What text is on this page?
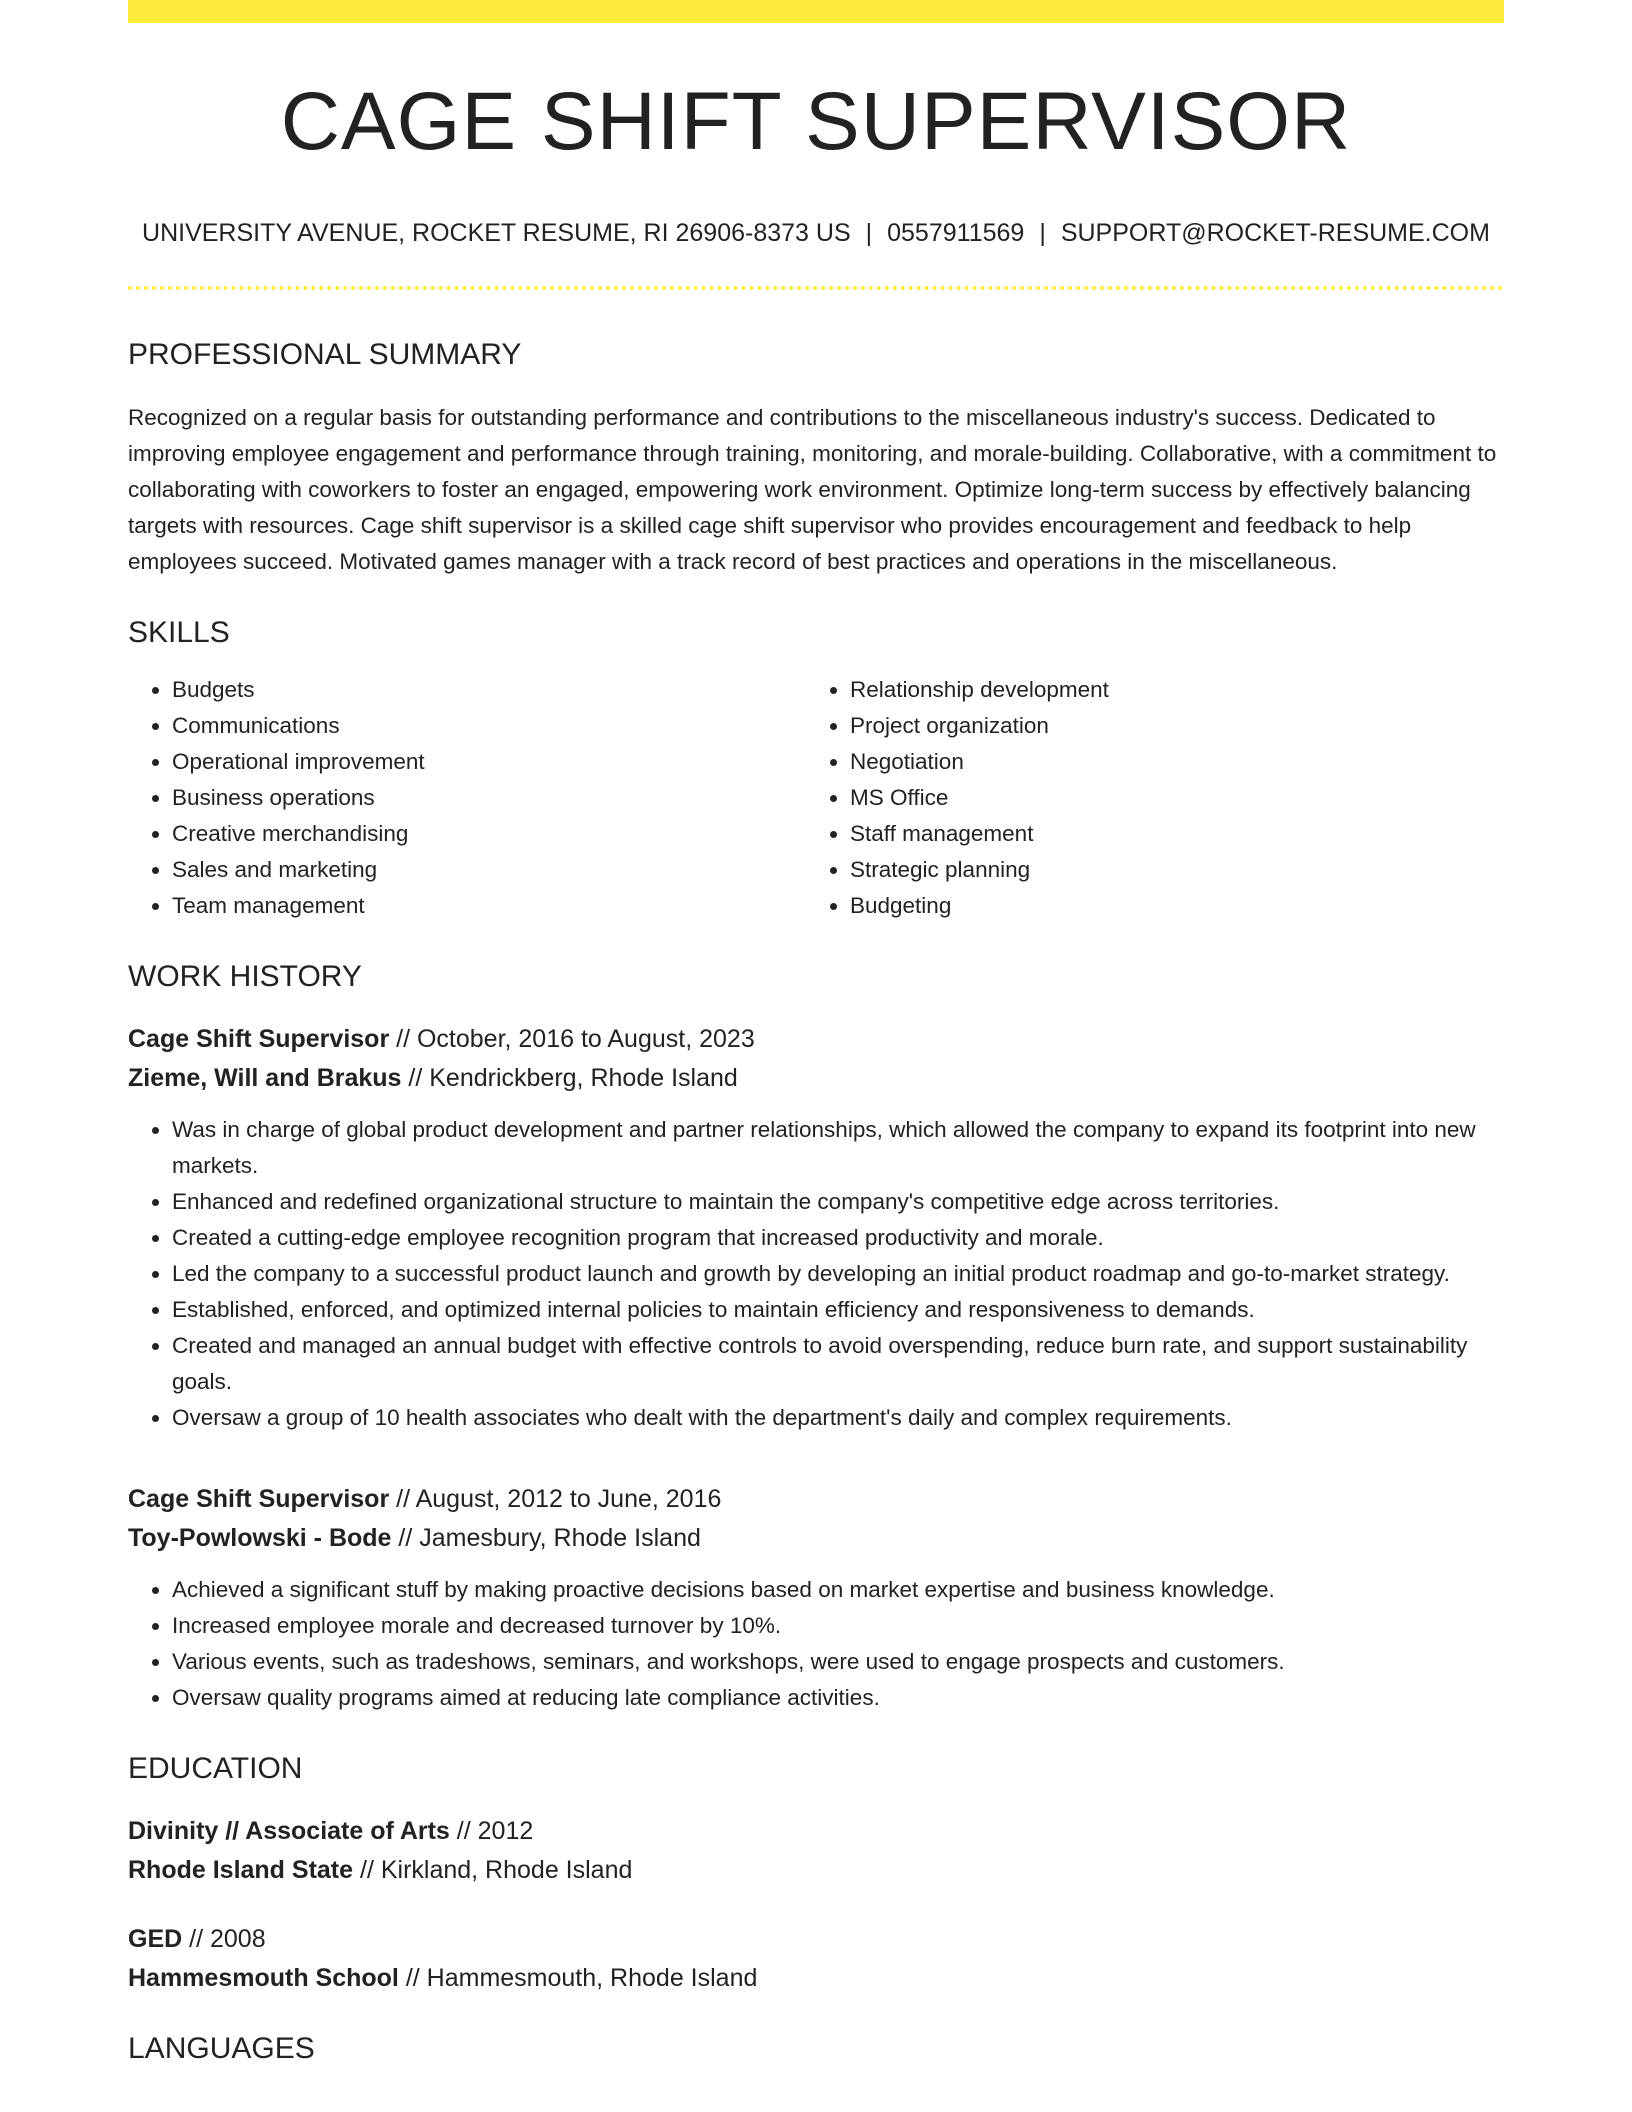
CAGE SHIFT SUPERVISOR
UNIVERSITY AVENUE, ROCKET RESUME, RI 26906-8373 US | 0557911569 | SUPPORT@ROCKET-RESUME.COM
PROFESSIONAL SUMMARY

Recognized on a regular basis for outstanding performance and contributions to the miscellaneous industry's success. Dedicated to improving employee engagement and performance through training, monitoring, and morale-building. Collaborative, with a commitment to collaborating with coworkers to foster an engaged, empowering work environment. Optimize long-term success by effectively balancing targets with resources. Cage shift supervisor is a skilled cage shift supervisor who provides encouragement and feedback to help employees succeed. Motivated games manager with a track record of best practices and operations in the miscellaneous.

SKILLS
• Budgets
• Communications
• Operational improvement
• Business operations
• Creative merchandising
• Sales and marketing
• Team management
• Relationship development
• Project organization
• Negotiation
• MS Office
• Staff management
• Strategic planning
• Budgeting
WORK HISTORY
Cage Shift Supervisor // October, 2016 to August, 2023
Zieme, Will and Brakus // Kendrickberg, Rhode Island
• Was in charge of global product development and partner relationships, which allowed the company to expand its footprint into new markets.
• Enhanced and redefined organizational structure to maintain the company's competitive edge across territories.
• Created a cutting-edge employee recognition program that increased productivity and morale.
• Led the company to a successful product launch and growth by developing an initial product roadmap and go-to-market strategy.
• Established, enforced, and optimized internal policies to maintain efficiency and responsiveness to demands.
• Created and managed an annual budget with effective controls to avoid overspending, reduce burn rate, and support sustainability goals.
• Oversaw a group of 10 health associates who dealt with the department's daily and complex requirements.
Cage Shift Supervisor // August, 2012 to June, 2016
Toy-Powlowski - Bode // Jamesbury, Rhode Island
• Achieved a significant stuff by making proactive decisions based on market expertise and business knowledge.
• Increased employee morale and decreased turnover by 10%.
• Various events, such as tradeshows, seminars, and workshops, were used to engage prospects and customers.
• Oversaw quality programs aimed at reducing late compliance activities.
EDUCATION
Divinity // Associate of Arts // 2012
Rhode Island State // Kirkland, Rhode Island
GED // 2008
Hammesmouth School // Hammesmouth, Rhode Island
LANGUAGES
